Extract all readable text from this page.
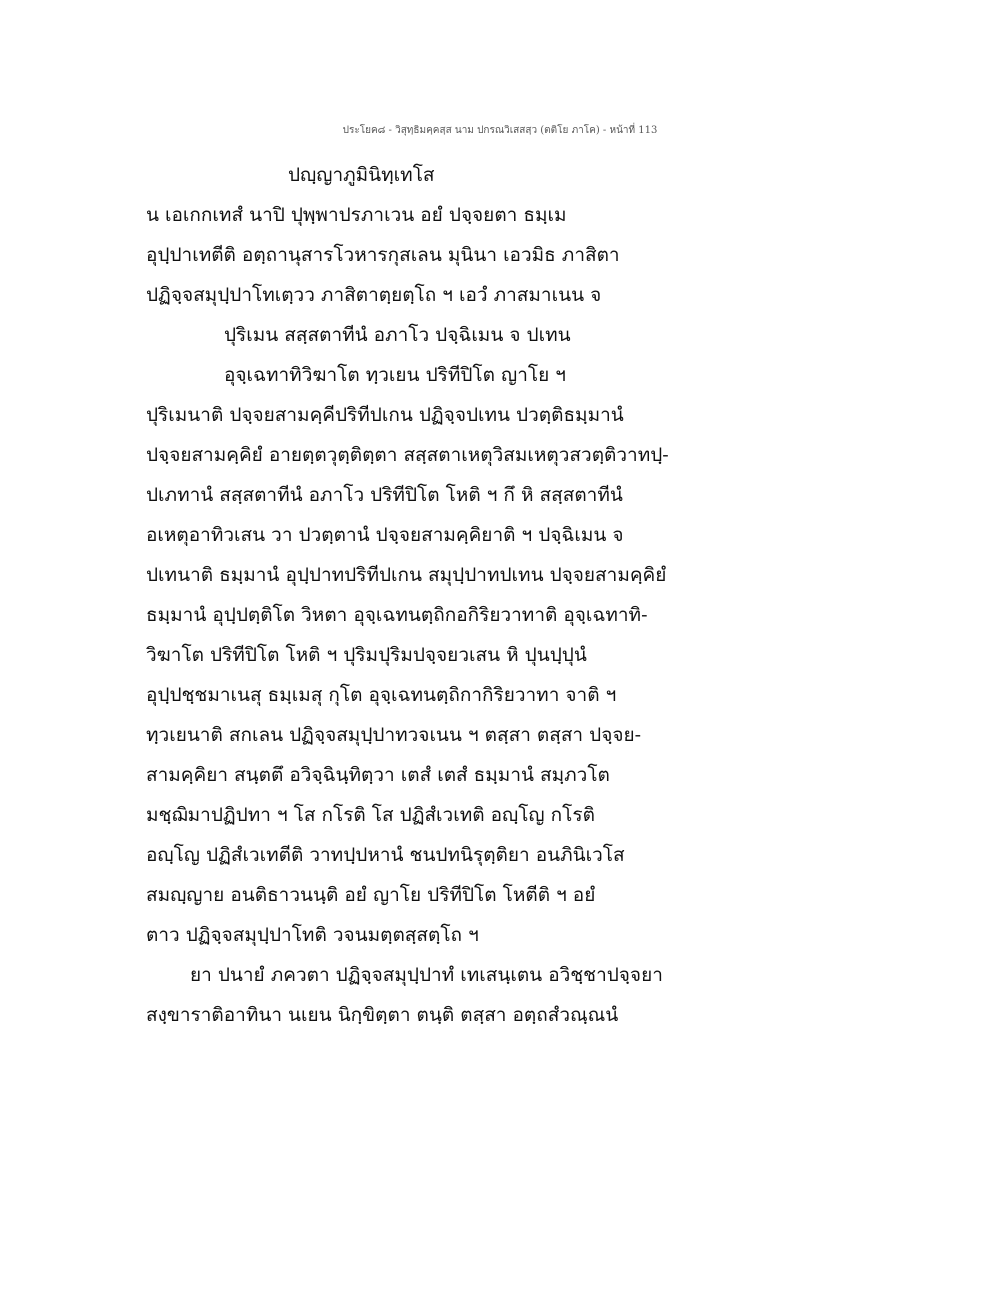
ประโยค๘ - วิสุทฺธิมคฺคสฺส นาม ปกรณวิเสสสฺว (ตติโย ภาโค) - หน้าที่ 113
ปญฺญาภูมินิทฺเทโส
น เอเกกเทสํ นาปิ ปุพฺพาปรภาเวน อยํ ปจฺจยตา ธมฺเม
อุปฺปาเทตีติ อตฺถานุสารโวหารกุสเลน มุนินา เอวมิธ ภาสิตา
ปฏิจฺจสมุปฺปาโทเตฺวว ภาสิตาตฺยตฺโถ ฯ เอวํ ภาสมาเนน จ
ปุริเมน สสฺสตาทีนํ อภาโว ปจฺฉิเมน จ ปเทน
อุจฺเฉทาทิวิฆาโต ทฺวเยน ปริทีปิโต ญาโย ฯ
ปุริเมนาติ ปจฺจยสามคฺคีปริทีปเกน ปฏิจฺจปเทน ปวตฺติธมฺมานํ
ปจฺจยสามคฺคิยํ อายตฺตวุตฺติตฺตา สสฺสตาเหตุวิสมเหตุวสวตฺติวาทปฺ-
ปเภทานํ สสฺสตาทีนํ อภาโว ปริทีปิโต โหติ ฯ กึ หิ สสฺสตาทีนํ
อเหตุอาทิวเสน วา ปวตฺตานํ ปจฺจยสามคฺคิยาติ ฯ ปจฺฉิเมน จ
ปเทนาติ ธมฺมานํ อุปฺปาทปริทีปเกน สมุปฺปาทปเทน ปจฺจยสามคฺคิยํ
ธมฺมานํ อุปฺปตฺติโต วิหตา อุจฺเฉทนตฺถิกอกิริยวาทาติ อุจฺเฉทาทิ-
วิฆาโต ปริทีปิโต โหติ ฯ ปุริมปุริมปจฺจยวเสน หิ ปุนปฺปุนํ
อุปฺปชฺชมาเนสุ ธมฺเมสุ กุโต อุจฺเฉทนตฺถิกากิริยวาทา จาติ ฯ
ทฺวเยนาติ สกเลน ปฏิจฺจสมุปฺปาทวจเนน ฯ ตสฺสา ตสฺสา ปจฺจย-
สามคฺคิยา สนฺตตึ อวิจฺฉินฺทิตฺวา เตสํ เตสํ ธมฺมานํ สมฺภวโต
มชฺฌิมาปฏิปทา ฯ โส กโรติ โส ปฏิสํเวเทติ อญฺโญ กโรติ
อญฺโญ ปฏิสํเวเทตีติ วาทปฺปหานํ ชนปทนิรุตฺติยา อนภินิเวโส
สมญฺญาย อนติธาวนนฺติ อยํ ญาโย ปริทีปิโต โหตีติ ฯ อยํ
ตาว ปฏิจฺจสมุปฺปาโทติ วจนมตฺตสฺสตฺโถ ฯ
ยา ปนายํ ภควตา ปฏิจฺจสมุปฺปาทํ เทเสนฺเตน อวิชฺชาปจฺจยา
สงฺขาราติอาทินา นเยน นิกฺขิตฺตา ตนฺติ ตสฺสา อตฺถสํวณฺณนํ
